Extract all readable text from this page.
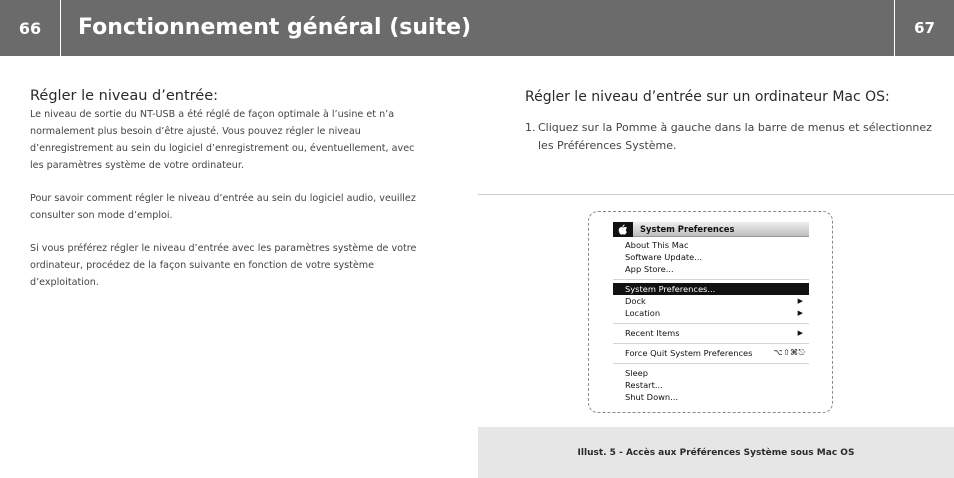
66	Fonctionnement général (suite)	67
Régler le niveau d’entrée:

Le niveau de sortie du NT-USB a été réglé de façon optimale à l’usine et n’a normalement plus besoin d’être ajusté. Vous pouvez régler le niveau d’enregistrement au sein du logiciel d’enregistrement ou, éventuellement, avec les paramètres système de votre ordinateur.

Pour savoir comment régler le niveau d’entrée au sein du logiciel audio, veuillez consulter son mode d’emploi.

Si vous préférez régler le niveau d’entrée avec les paramètres système de votre ordinateur, procédez de la façon suivante en fonction de votre système d’exploitation.

Régler le niveau d’entrée sur un ordinateur Mac OS:
1. Cliquez sur la Pomme à gauche dans la barre de menus et sélectionnez les Préférences Système.
System Preferences
About This Mac
Software Update...
App Store...
System Preferences...
Dock	▶
Location	▶
Recent Items	▶
Force Quit System Preferences	⌥⇧⌘⎋
Sleep
Restart...
Shut Down...
Illust. 5 - Accès aux Préférences Système sous Mac OS
